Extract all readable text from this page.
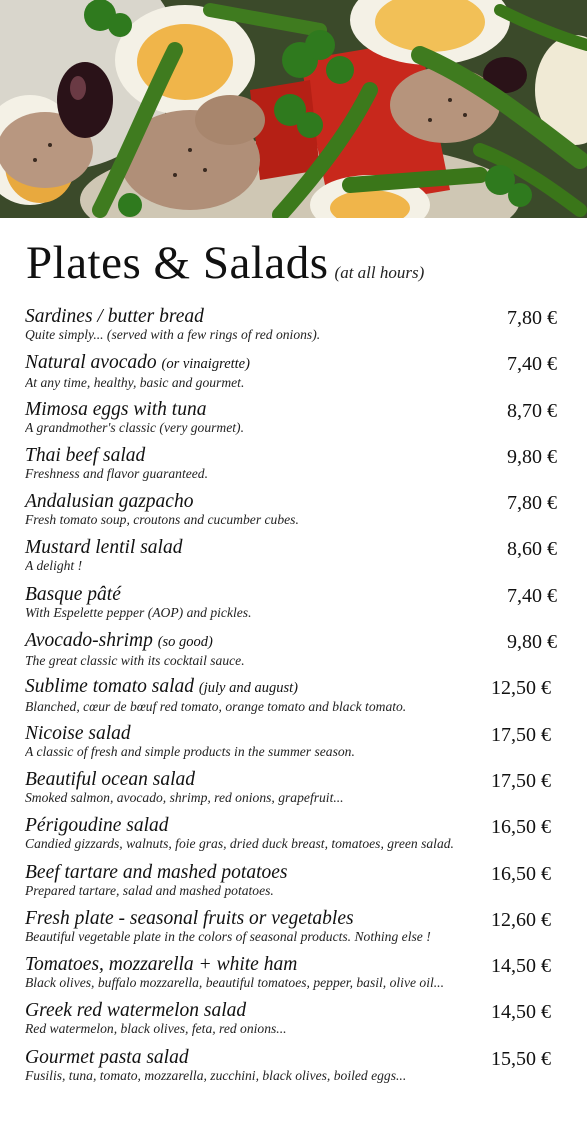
Plates & Salads (at all hours)
Sardines / butter bread
Quite simply... (served with a few rings of red onions).
7,80 €
Natural avocado (or vinaigrette)
At any time, healthy, basic and gourmet.
7,40 €
Mimosa eggs with tuna
A grandmother's classic (very gourmet).
8,70 €
Thai beef salad
Freshness and flavor guaranteed.
9,80 €
Andalusian gazpacho
Fresh tomato soup, croutons and cucumber cubes.
7,80 €
Mustard lentil salad
A delight !
8,60 €
Basque pâté
With Espelette pepper (AOP) and pickles.
7,40 €
Avocado-shrimp (so good)
The great classic with its cocktail sauce.
9,80 €
Sublime tomato salad (july and august)
Blanched, cœur de bœuf red tomato, orange tomato and black tomato.
12,50 €
Nicoise salad
A classic of fresh and simple products in the summer season.
17,50 €
Beautiful ocean salad
Smoked salmon, avocado, shrimp, red onions, grapefruit...
17,50 €
Périgoudine salad
Candied gizzards, walnuts, foie gras, dried duck breast, tomatoes, green salad.
16,50 €
Beef tartare and mashed potatoes
Prepared tartare, salad and mashed potatoes.
16,50 €
Fresh plate - seasonal fruits or vegetables
Beautiful vegetable plate in the colors of seasonal products. Nothing else !
12,60 €
Tomatoes, mozzarella + white ham
Black olives, buffalo mozzarella, beautiful tomatoes, pepper, basil, olive oil...
14,50 €
Greek red watermelon salad
Red watermelon, black olives, feta, red onions...
14,50 €
Gourmet pasta salad
Fusilis, tuna, tomato, mozzarella, zucchini, black olives, boiled eggs...
15,50 €
